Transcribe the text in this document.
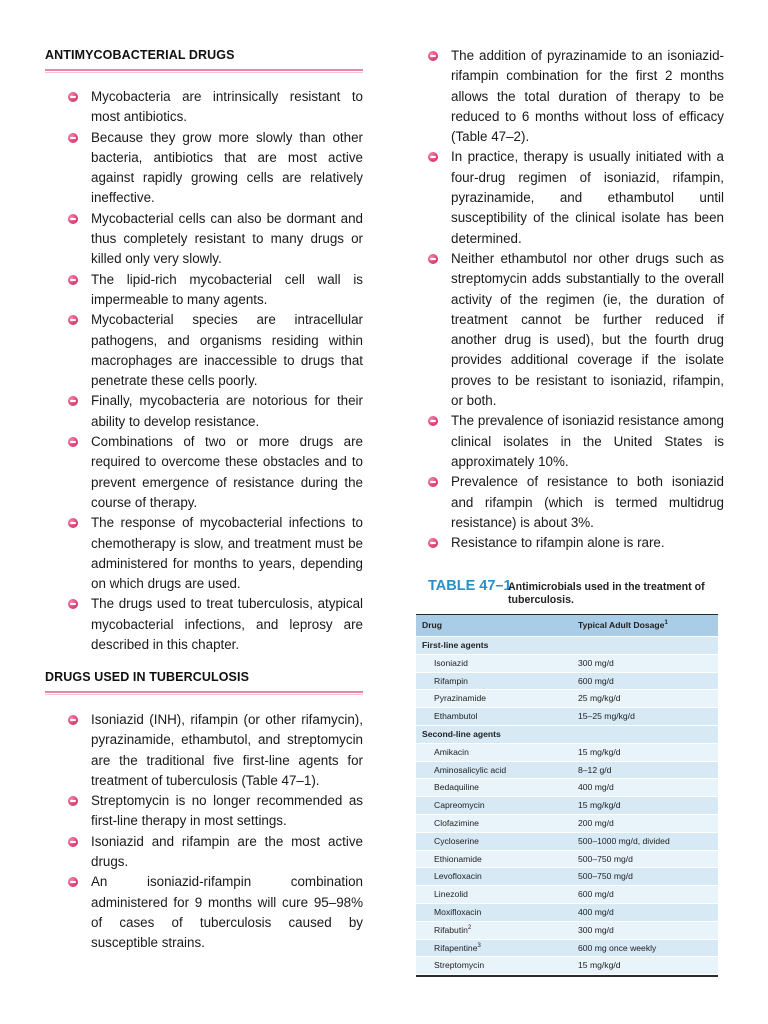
ANTIMYCOBACTERIAL DRUGS
Mycobacteria are intrinsically resistant to most antibiotics.
Because they grow more slowly than other bacteria, antibiotics that are most active against rapidly growing cells are relatively ineffective.
Mycobacterial cells can also be dormant and thus completely resistant to many drugs or killed only very slowly.
The lipid-rich mycobacterial cell wall is impermeable to many agents.
Mycobacterial species are intracellular pathogens, and organisms residing within macrophages are inaccessible to drugs that penetrate these cells poorly.
Finally, mycobacteria are notorious for their ability to develop resistance.
Combinations of two or more drugs are required to overcome these obstacles and to prevent emergence of resistance during the course of therapy.
The response of mycobacterial infections to chemotherapy is slow, and treatment must be administered for months to years, depending on which drugs are used.
The drugs used to treat tuberculosis, atypical mycobacterial infections, and leprosy are described in this chapter.
DRUGS USED IN TUBERCULOSIS
Isoniazid (INH), rifampin (or other rifamycin), pyrazinamide, ethambutol, and streptomycin are the traditional five first-line agents for treatment of tuberculosis (Table 47–1).
Streptomycin is no longer recommended as first-line therapy in most settings.
Isoniazid and rifampin are the most active drugs.
An isoniazid-rifampin combination administered for 9 months will cure 95–98% of cases of tuberculosis caused by susceptible strains.
The addition of pyrazinamide to an isoniazid-rifampin combination for the first 2 months allows the total duration of therapy to be reduced to 6 months without loss of efficacy (Table 47–2).
In practice, therapy is usually initiated with a four-drug regimen of isoniazid, rifampin, pyrazinamide, and ethambutol until susceptibility of the clinical isolate has been determined.
Neither ethambutol nor other drugs such as streptomycin adds substantially to the overall activity of the regimen (ie, the duration of treatment cannot be further reduced if another drug is used), but the fourth drug provides additional coverage if the isolate proves to be resistant to isoniazid, rifampin, or both.
The prevalence of isoniazid resistance among clinical isolates in the United States is approximately 10%.
Prevalence of resistance to both isoniazid and rifampin (which is termed multidrug resistance) is about 3%.
Resistance to rifampin alone is rare.
TABLE 47–1
Antimicrobials used in the treatment of tuberculosis.
Drug	Typical Adult Dosage$^1$
First-line agents
Isoniazid	300 mg/d
Rifampin	600 mg/d
Pyrazinamide	25 mg/kg/d
Ethambutol	15–25 mg/kg/d
Second-line agents
Amikacin	15 mg/kg/d
Aminosalicylic acid	8–12 g/d
Bedaquiline	400 mg/d
Capreomycin	15 mg/kg/d
Clofazimine	200 mg/d
Cycloserine	500–1000 mg/d, divided
Ethionamide	500–750 mg/d
Levofloxacin	500–750 mg/d
Linezolid	600 mg/d
Moxifloxacin	400 mg/d
Rifabutin$^2$	300 mg/d
Rifapentine$^3$	600 mg once weekly
Streptomycin	15 mg/kg/d
